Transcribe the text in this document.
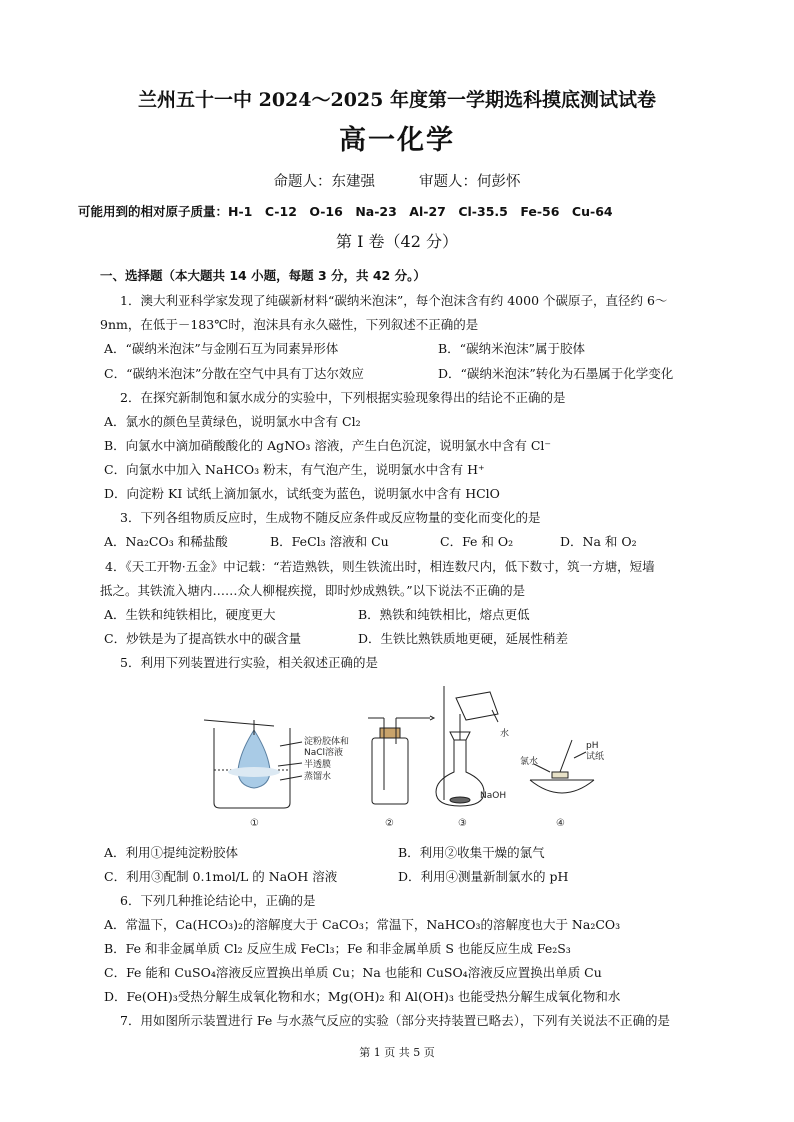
兰州五十一中 2024～2025 年度第一学期选科摸底测试试卷
高一化学
命题人：东建强	审题人：何彭怀
可能用到的相对原子质量：H-1　C-12　O-16　Na-23　Al-27　Cl-35.5　Fe-56　Cu-64
第 I 卷（42 分）
一、选择题（本大题共 14 小题，每题 3 分，共 42 分。）
1．澳大利亚科学家发现了纯碳新材料“碳纳米泡沫”，每个泡沫含有约 4000 个碳原子，直径约 6～
9nm，在低于－183℃时，泡沫具有永久磁性，下列叙述不正确的是
A．“碳纳米泡沫”与金刚石互为同素异形体	B．“碳纳米泡沫”属于胶体
C．“碳纳米泡沫”分散在空气中具有丁达尔效应	D．“碳纳米泡沫”转化为石墨属于化学变化
2．在探究新制饱和氯水成分的实验中，下列根据实验现象得出的结论不正确的是
A．氯水的颜色呈黄绿色，说明氯水中含有 Cl₂
B．向氯水中滴加硝酸酸化的 AgNO₃ 溶液，产生白色沉淀，说明氯水中含有 Cl⁻
C．向氯水中加入 NaHCO₃ 粉末，有气泡产生，说明氯水中含有 H⁺
D．向淀粉 KI 试纸上滴加氯水，试纸变为蓝色，说明氯水中含有 HClO
3．下列各组物质反应时，生成物不随反应条件或反应物量的变化而变化的是
A．Na₂CO₃ 和稀盐酸	B．FeCl₃ 溶液和 Cu	C．Fe 和 O₂	D．Na 和 O₂
4．《天工开物·五金》中记载：“若造熟铁，则生铁流出时，相连数尺内，低下数寸，筑一方塘，短墙
抵之。其铁流入塘内……众人柳棍疾搅，即时炒成熟铁。”以下说法不正确的是
A．生铁和纯铁相比，硬度更大	B．熟铁和纯铁相比，熔点更低
C．炒铁是为了提高铁水中的碳含量	D．生铁比熟铁质地更硬，延展性稍差
5．利用下列装置进行实验，相关叙述正确的是
淀粉胶体和
NaCl溶液
半透膜
蒸馏水
①	②
水
NaOH
③
氯水
pH
试纸
④
A．利用①提纯淀粉胶体	B．利用②收集干燥的氯气
C．利用③配制 0.1mol/L 的 NaOH 溶液	D．利用④测量新制氯水的 pH
6．下列几种推论结论中，正确的是
A．常温下，Ca(HCO₃)₂的溶解度大于 CaCO₃；常温下，NaHCO₃的溶解度也大于 Na₂CO₃
B．Fe 和非金属单质 Cl₂ 反应生成 FeCl₃；Fe 和非金属单质 S 也能反应生成 Fe₂S₃
C．Fe 能和 CuSO₄溶液反应置换出单质 Cu；Na 也能和 CuSO₄溶液反应置换出单质 Cu
D．Fe(OH)₃受热分解生成氧化物和水；Mg(OH)₂ 和 Al(OH)₃ 也能受热分解生成氧化物和水
7．用如图所示装置进行 Fe 与水蒸气反应的实验（部分夹持装置已略去），下列有关说法不正确的是
第 1 页 共 5 页
